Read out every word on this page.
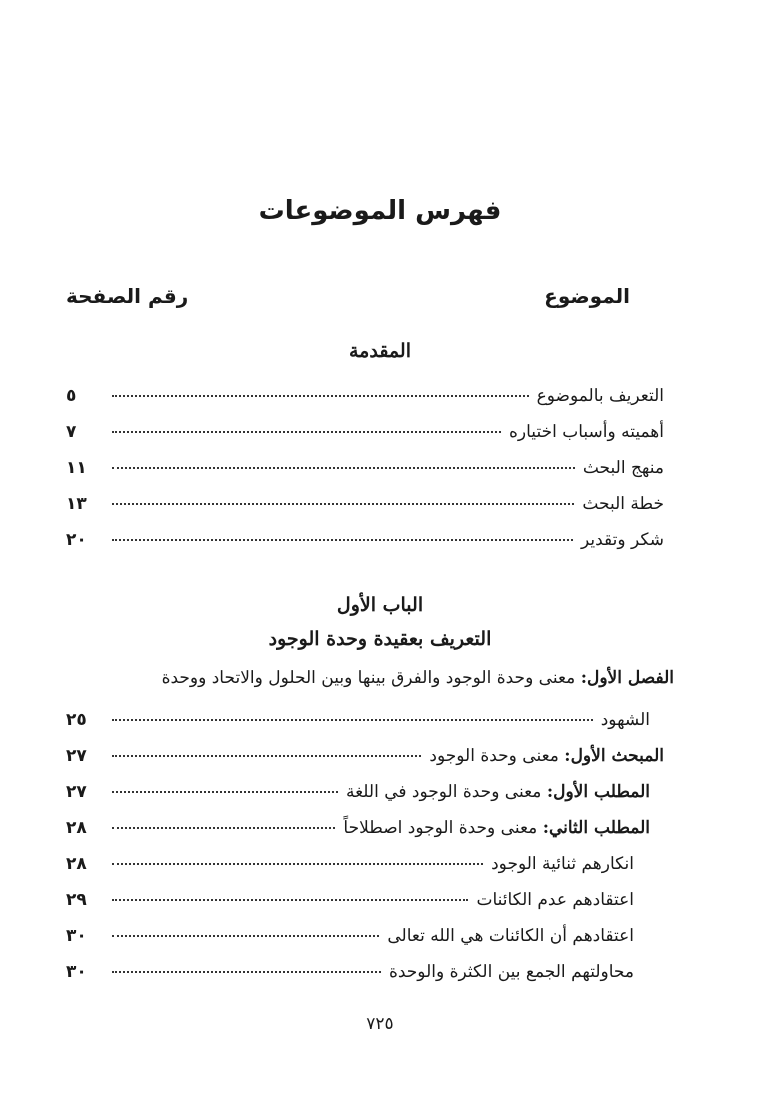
فهرس الموضوعات
الموضوع
رقم الصفحة
المقدمة
التعريف بالموضوع
٥
أهميته وأسباب اختياره
٧
منهج البحث
١١
خطة البحث
١٣
شكر وتقدير
٢٠
الباب الأول
التعريف بعقيدة وحدة الوجود
الفصل الأول: معنى وحدة الوجود والفرق بينها وبين الحلول والاتحاد ووحدة
الشهود
٢٥
المبحث الأول: معنى وحدة الوجود
٢٧
المطلب الأول: معنى وحدة الوجود في اللغة
٢٧
المطلب الثاني: معنى وحدة الوجود اصطلاحاً
٢٨
انكارهم ثنائية الوجود
٢٨
اعتقادهم عدم الكائنات
٢٩
اعتقادهم أن الكائنات هي الله تعالى
٣٠
محاولتهم الجمع بين الكثرة والوحدة
٣٠
٧٢٥
